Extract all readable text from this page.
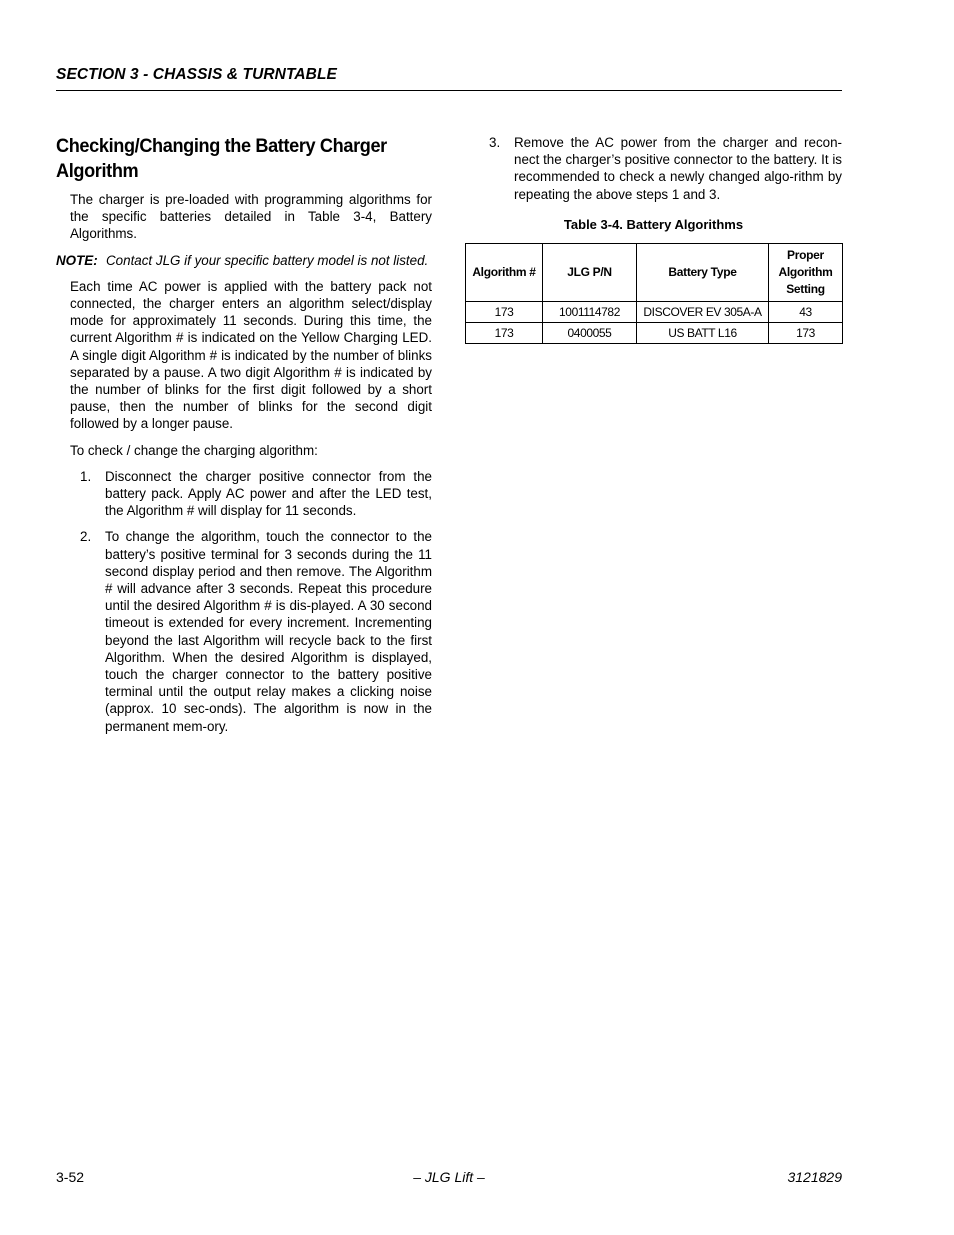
SECTION 3 - CHASSIS & TURNTABLE
Checking/Changing the Battery Charger Algorithm

The charger is pre-loaded with programming algorithms for the specific batteries detailed in Table 3-4, Battery Algorithms.

NOTE: Contact JLG if your specific battery model is not listed.

Each time AC power is applied with the battery pack not connected, the charger enters an algorithm select/display mode for approximately 11 seconds. During this time, the current Algorithm # is indicated on the Yellow Charging LED. A single digit Algorithm # is indicated by the number of blinks separated by a pause. A two digit Algorithm # is indicated by the number of blinks for the first digit followed by a short pause, then the number of blinks for the second digit followed by a longer pause.

To check / change the charging algorithm:

1.	Disconnect the charger positive connector from the battery pack. Apply AC power and after the LED test, the Algorithm # will display for 11 seconds.
2.	To change the algorithm, touch the connector to the battery’s positive terminal for 3 seconds during the 11 second display period and then remove. The Algorithm # will advance after 3 seconds. Repeat this procedure until the desired Algorithm # is dis-played. A 30 second timeout is extended for every increment. Incrementing beyond the last Algorithm will recycle back to the first Algorithm. When the desired Algorithm is displayed, touch the charger connector to the battery positive terminal until the output relay makes a clicking noise (approx. 10 sec-onds). The algorithm is now in the permanent mem-ory.
3.	Remove the AC power from the charger and recon-nect the charger’s positive connector to the battery. It is recommended to check a newly changed algo-rithm by repeating the above steps 1 and 3.
Table 3-4. Battery Algorithms
Algorithm #	JLG P/N	Battery Type	Proper Algorithm Setting
173	1001114782	DISCOVER EV 305A-A	43
173	0400055	US BATT L16	173
3-52	– JLG Lift –	3121829
